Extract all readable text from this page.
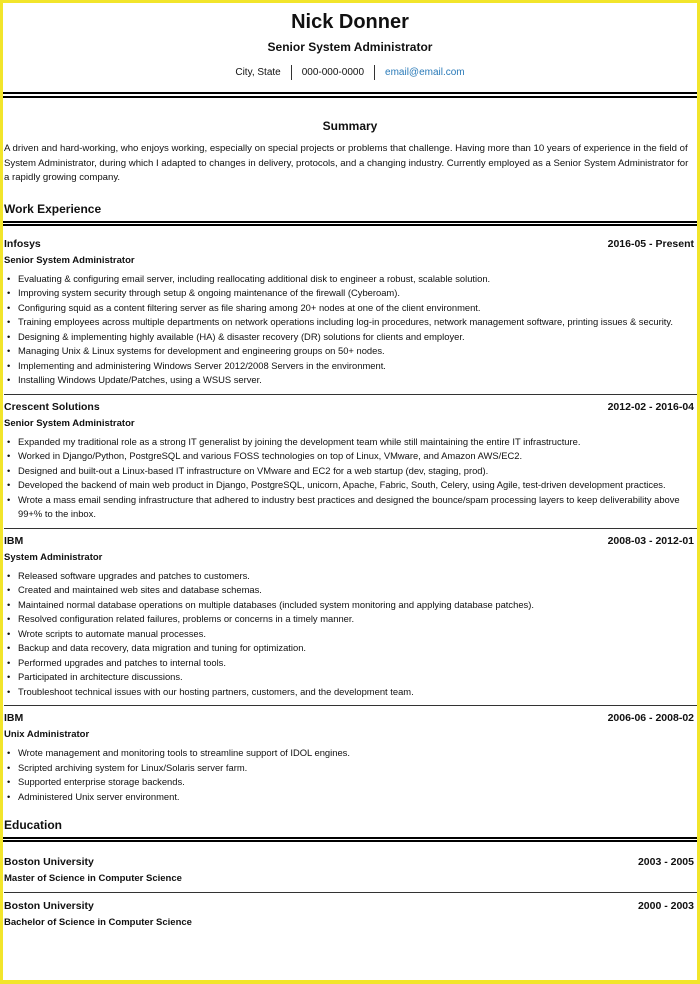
Nick Donner
Senior System Administrator
City, State 000-000-0000 email@email.com
Summary
A driven and hard-working, who enjoys working, especially on special projects or problems that challenge. Having more than 10 years of experience in the field of System Administrator, during which I adapted to changes in delivery, protocols, and a changing industry. Currently employed as a Senior System Administrator for a rapidly growing company.
Work Experience
Infosys	2016-05 - Present
Senior System Administrator
• Evaluating & configuring email server, including reallocating additional disk to engineer a robust, scalable solution.
• Improving system security through setup & ongoing maintenance of the firewall (Cyberoam).
• Configuring squid as a content filtering server as file sharing among 20+ nodes at one of the client environment.
• Training employees across multiple departments on network operations including log-in procedures, network management software, printing issues & security.
• Designing & implementing highly available (HA) & disaster recovery (DR) solutions for clients and employer.
• Managing Unix & Linux systems for development and engineering groups on 50+ nodes.
• Implementing and administering Windows Server 2012/2008 Servers in the environment.
• Installing Windows Update/Patches, using a WSUS server.
Crescent Solutions	2012-02 - 2016-04
Senior System Administrator
• Expanded my traditional role as a strong IT generalist by joining the development team while still maintaining the entire IT infrastructure.
• Worked in Django/Python, PostgreSQL and various FOSS technologies on top of Linux, VMware, and Amazon AWS/EC2.
• Designed and built-out a Linux-based IT infrastructure on VMware and EC2 for a web startup (dev, staging, prod).
• Developed the backend of main web product in Django, PostgreSQL, unicorn, Apache, Fabric, South, Celery, using Agile, test-driven development practices.
• Wrote a mass email sending infrastructure that adhered to industry best practices and designed the bounce/spam processing layers to keep deliverability above 99+% to the inbox.
IBM	2008-03 - 2012-01
System Administrator
• Released software upgrades and patches to customers.
• Created and maintained web sites and database schemas.
• Maintained normal database operations on multiple databases (included system monitoring and applying database patches).
• Resolved configuration related failures, problems or concerns in a timely manner.
• Wrote scripts to automate manual processes.
• Backup and data recovery, data migration and tuning for optimization.
• Performed upgrades and patches to internal tools.
• Participated in architecture discussions.
• Troubleshoot technical issues with our hosting partners, customers, and the development team.
IBM	2006-06 - 2008-02
Unix Administrator
• Wrote management and monitoring tools to streamline support of IDOL engines.
• Scripted archiving system for Linux/Solaris server farm.
• Supported enterprise storage backends.
• Administered Unix server environment.
Education
Boston University	2003 - 2005
Master of Science in Computer Science
Boston University	2000 - 2003
Bachelor of Science in Computer Science
